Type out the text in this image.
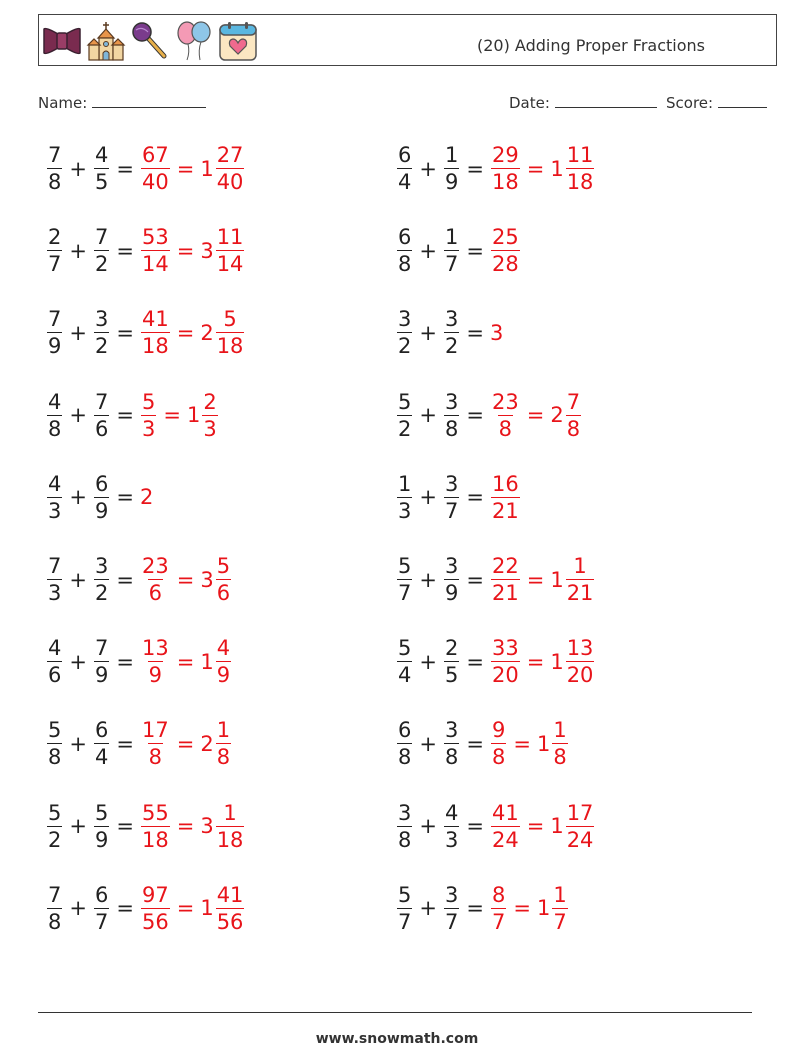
(20) Adding Proper Fractions
Name:	Date:	Score:
$\frac{7}{8} + \frac{4}{5} = \frac{67}{40} = 1 \frac{27}{40}$	$\frac{6}{4} + \frac{1}{9} = \frac{29}{18} = 1 \frac{11}{18}$
$\frac{2}{7} + \frac{7}{2} = \frac{53}{14} = 3 \frac{11}{14}$	$\frac{6}{8} + \frac{1}{7} = \frac{25}{28}$
$\frac{7}{9} + \frac{3}{2} = \frac{41}{18} = 2 \frac{5}{18}$	$\frac{3}{2} + \frac{3}{2} = 3$
$\frac{4}{8} + \frac{7}{6} = \frac{5}{3} = 1 \frac{2}{3}$	$\frac{5}{2} + \frac{3}{8} = \frac{23}{8} = 2 \frac{7}{8}$
$\frac{4}{3} + \frac{6}{9} = 2$	$\frac{1}{3} + \frac{3}{7} = \frac{16}{21}$
$\frac{7}{3} + \frac{3}{2} = \frac{23}{6} = 3 \frac{5}{6}$	$\frac{5}{7} + \frac{3}{9} = \frac{22}{21} = 1 \frac{1}{21}$
$\frac{4}{6} + \frac{7}{9} = \frac{13}{9} = 1 \frac{4}{9}$	$\frac{5}{4} + \frac{2}{5} = \frac{33}{20} = 1 \frac{13}{20}$
$\frac{5}{8} + \frac{6}{4} = \frac{17}{8} = 2 \frac{1}{8}$	$\frac{6}{8} + \frac{3}{8} = \frac{9}{8} = 1 \frac{1}{8}$
$\frac{5}{2} + \frac{5}{9} = \frac{55}{18} = 3 \frac{1}{18}$	$\frac{3}{8} + \frac{4}{3} = \frac{41}{24} = 1 \frac{17}{24}$
$\frac{7}{8} + \frac{6}{7} = \frac{97}{56} = 1 \frac{41}{56}$	$\frac{5}{7} + \frac{3}{7} = \frac{8}{7} = 1 \frac{1}{7}$
www.snowmath.com
